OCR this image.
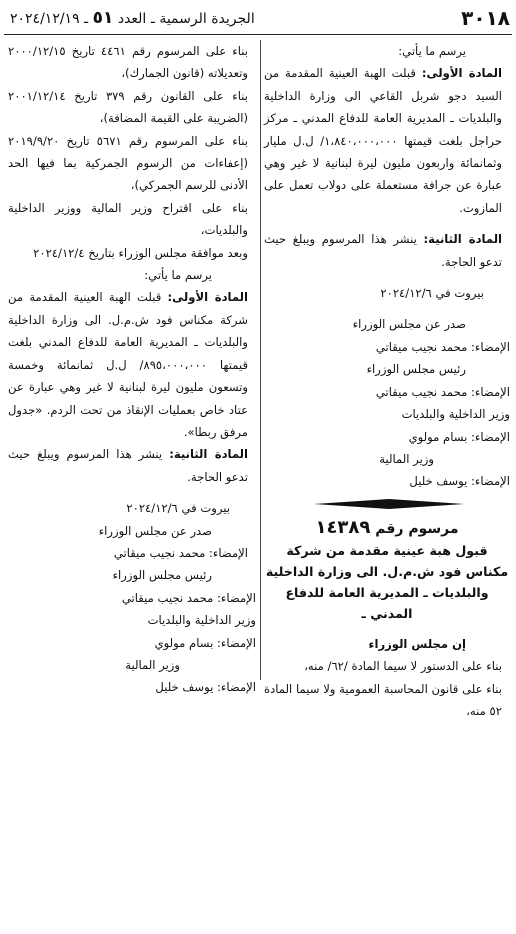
٣٠١٨
الجريدة الرسمية ـ العدد ٥١ ـ ٢٠٢٤/١٢/١٩

يرسم ما يأتي:

المادة الأولى: قبلت الهبة العينية المقدمة من السيد دجو شربل القاعي الى وزارة الداخلية والبلديات ـ المديرية العامة للدفاع المدني ـ مركز حراجل بلغت قيمتها ١،٨٤٠،٠٠٠،٠٠٠/ ل.ل مليار وثمانمائة واربعون مليون ليرة لبنانية لا غير وهي عبارة عن جرافة مستعملة على دولاب تعمل على المازوت.

المادة الثانية: ينشر هذا المرسوم ويبلغ حيث تدعو الحاجة.

بيروت في ٢٠٢٤/١٢/٦

صدر عن مجلس الوزراء

الإمضاء: محمد نجيب ميقاتي

رئيس مجلس الوزراء

الإمضاء: محمد نجيب ميقاتي

وزير الداخلية والبلديات

الإمضاء: بسام مولوي

وزير المالية

الإمضاء: يوسف خليل

مرسوم رقم ١٤٣٨٩

قبول هبة عينية مقدمة من شركة مكناس فود ش.م.ل. الى وزارة الداخلية والبلديات ـ المديرية العامة للدفاع المدني ـ

إن مجلس الوزراء

بناء على الدستور لا سيما المادة /٦٢/ منه،

بناء على قانون المحاسبة العمومية ولا سيما المادة ٥٢ منه،

بناء على المرسوم رقم ٤٤٦١ تاريخ ٢٠٠٠/١٢/١٥ وتعديلاته (قانون الجمارك)،

بناء على القانون رقم ٣٧٩ تاريخ ٢٠٠١/١٢/١٤ (الضريبة على القيمة المضافة)،

بناء على المرسوم رقم ٥٦٧١ تاريخ ٢٠١٩/٩/٢٠ (إعفاءات من الرسوم الجمركية بما فيها الحد الأدنى للرسم الجمركي)،

بناء على اقتراح وزير المالية ووزير الداخلية والبلديات،

وبعد موافقة مجلس الوزراء بتاريخ ٢٠٢٤/١٢/٤

يرسم ما يأتي:

المادة الأولى: قبلت الهبة العينية المقدمة من شركة مكناس فود ش.م.ل. الى وزارة الداخلية والبلديات ـ المديرية العامة للدفاع المدني بلغت قيمتها ٨٩٥،٠٠٠،٠٠٠/ ل.ل ثمانمائة وخمسة وتسعون مليون ليرة لبنانية لا غير وهي عبارة عن عتاد خاص بعمليات الإنقاذ من تحت الردم. «جدول مرفق ربطا».

المادة الثانية: ينشر هذا المرسوم ويبلغ حيث تدعو الحاجة.

بيروت في ٢٠٢٤/١٢/٦

صدر عن مجلس الوزراء

الإمضاء: محمد نجيب ميقاتي

رئيس مجلس الوزراء

الإمضاء: محمد نجيب ميقاتي

وزير الداخلية والبلديات

الإمضاء: بسام مولوي

وزير المالية

الإمضاء: يوسف خليل
